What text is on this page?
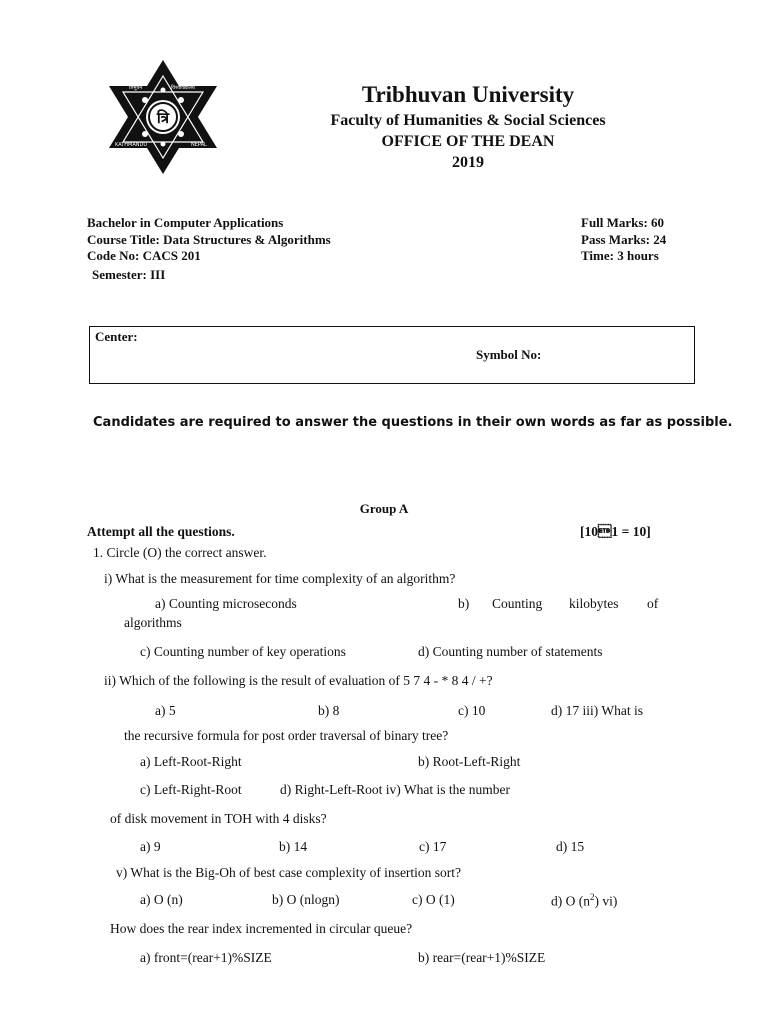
त्रि
त्रिभुवन	विश्वविद्यालय
KATHMANDU	NEPAL
Tribhuvan University
Faculty of Humanities & Social Sciences
OFFICE OF THE DEAN
2019
Bachelor in Computer Applications
Course Title: Data Structures & Algorithms
Code No: CACS 201
Semester: III
Full Marks: 60
Pass Marks: 24
Time: 3 hours
Center:
Symbol No:
Candidates are required to answer the questions in their own words as far as possible.
Group A
Attempt all the questions.	[101 = 10]
1. Circle (O) the correct answer.
i) What is the measurement for time complexity of an algorithm?
a) Counting microseconds	b) Counting kilobytes of
algorithms
c) Counting number of key operations	d) Counting number of statements
ii) Which of the following is the result of evaluation of 5 7 4 - * 8 4 / +?
a) 5	b) 8	c) 10	d) 17 iii) What is
the recursive formula for post order traversal of binary tree?
a) Left-Root-Right	b) Root-Left-Right
c) Left-Right-Root	d) Right-Left-Root iv) What is the number
of disk movement in TOH with 4 disks?
a) 9	b) 14	c) 17	d) 15
v) What is the Big-Oh of best case complexity of insertion sort?
a) O (n)	b) O (nlogn)	c) O (1)	d) O $(n^2)$ vi)
How does the rear index incremented in circular queue?
a) front=(rear+1)%SIZE	b) rear=(rear+1)%SIZE
